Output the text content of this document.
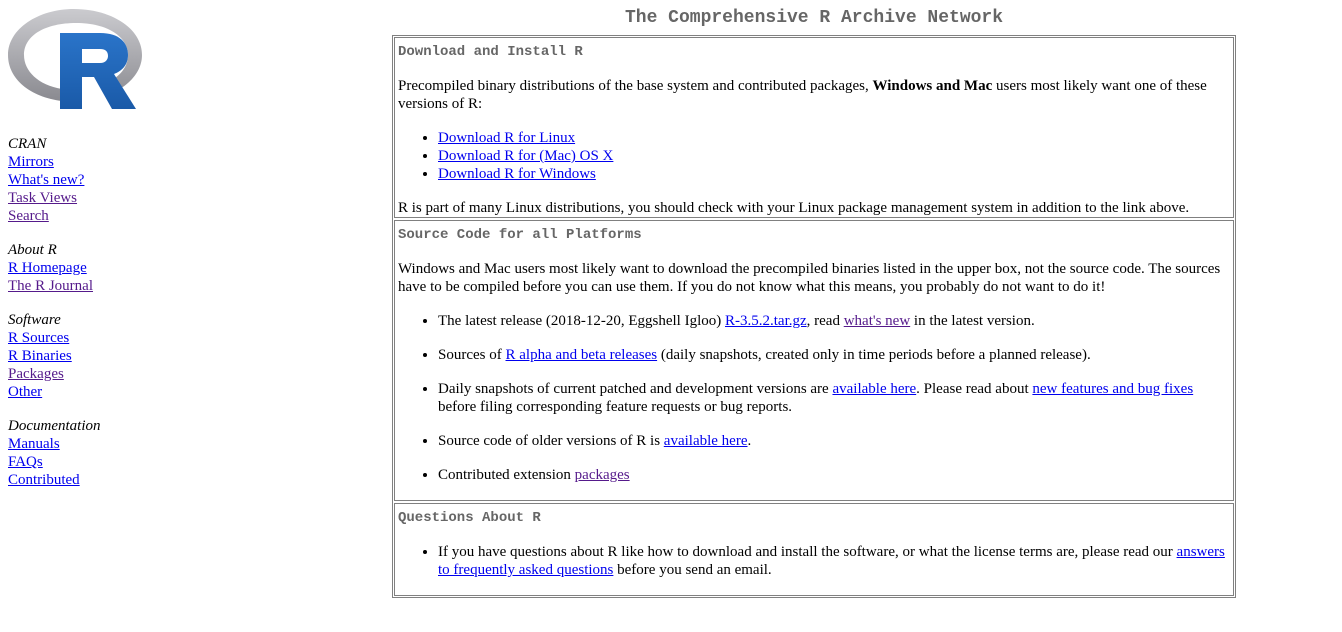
CRAN
Mirrors
What's new?
Task Views
Search
About R
R Homepage
The R Journal
Software
R Sources
R Binaries
Packages
Other
Documentation
Manuals
FAQs
Contributed
The Comprehensive R Archive Network
Download and Install R

Precompiled binary distributions of the base system and contributed packages, Windows and Mac users most likely want one of these versions of R:

• Download R for Linux
• Download R for (Mac) OS X
• Download R for Windows

R is part of many Linux distributions, you should check with your Linux package management system in addition to the link above.

Source Code for all Platforms

Windows and Mac users most likely want to download the precompiled binaries listed in the upper box, not the source code. The sources have to be compiled before you can use them. If you do not know what this means, you probably do not want to do it!

• The latest release (2018-12-20, Eggshell Igloo) R-3.5.2.tar.gz, read what's new in the latest version.
• Sources of R alpha and beta releases (daily snapshots, created only in time periods before a planned release).
• Daily snapshots of current patched and development versions are available here. Please read about new features and bug fixes before filing corresponding feature requests or bug reports.
• Source code of older versions of R is available here.
• Contributed extension packages
Questions About R
• If you have questions about R like how to download and install the software, or what the license terms are, please read our answers to frequently asked questions before you send an email.
